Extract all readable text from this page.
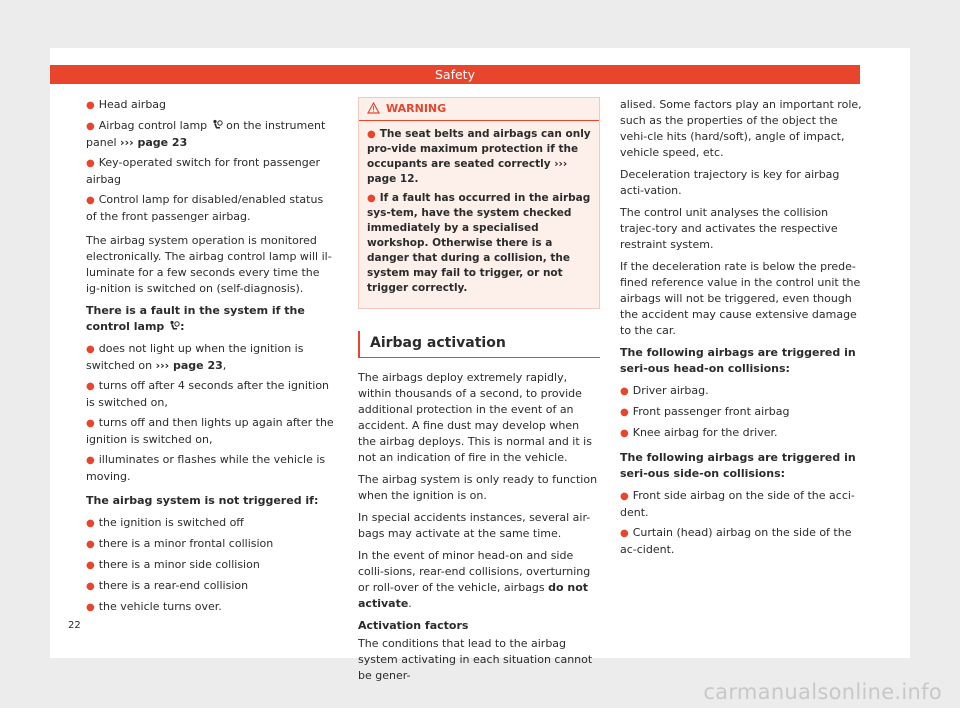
Safety
● Head airbag
● Airbag control lamp on the instrument panel ››› page 23
● Key-operated switch for front passenger airbag
● Control lamp for disabled/enabled status of the front passenger airbag.

The airbag system operation is monitored electronically. The airbag control lamp will il-luminate for a few seconds every time the ig-nition is switched on (self-diagnosis).

There is a fault in the system if the control lamp :

● does not light up when the ignition is switched on ››› page 23,
● turns off after 4 seconds after the ignition is switched on,
● turns off and then lights up again after the ignition is switched on,
● illuminates or flashes while the vehicle is moving.

The airbag system is not triggered if:

● the ignition is switched off
● there is a minor frontal collision
● there is a minor side collision
● there is a rear-end collision
● the vehicle turns over.
WARNING
● The seat belts and airbags can only pro-vide maximum protection if the occupants are seated correctly ››› page 12.
● If a fault has occurred in the airbag sys-tem, have the system checked immediately by a specialised workshop. Otherwise there is a danger that during a collision, the system may fail to trigger, or not trigger correctly.
Airbag activation

The airbags deploy extremely rapidly, within thousands of a second, to provide additional protection in the event of an accident. A fine dust may develop when the airbag deploys. This is normal and it is not an indication of fire in the vehicle.

The airbag system is only ready to function when the ignition is on.

In special accidents instances, several air-bags may activate at the same time.

In the event of minor head-on and side colli-sions, rear-end collisions, overturning or roll-over of the vehicle, airbags do not activate.

Activation factors

The conditions that lead to the airbag system activating in each situation cannot be gener-

alised. Some factors play an important role, such as the properties of the object the vehi-cle hits (hard/soft), angle of impact, vehicle speed, etc.

Deceleration trajectory is key for airbag acti-vation.

The control unit analyses the collision trajec-tory and activates the respective restraint system.

If the deceleration rate is below the prede-fined reference value in the control unit the airbags will not be triggered, even though the accident may cause extensive damage to the car.

The following airbags are triggered in seri-ous head-on collisions:

● Driver airbag.
● Front passenger front airbag
● Knee airbag for the driver.

The following airbags are triggered in seri-ous side-on collisions:

● Front side airbag on the side of the acci-dent.
● Curtain (head) airbag on the side of the ac-cident.
22
carmanualsonline.info
